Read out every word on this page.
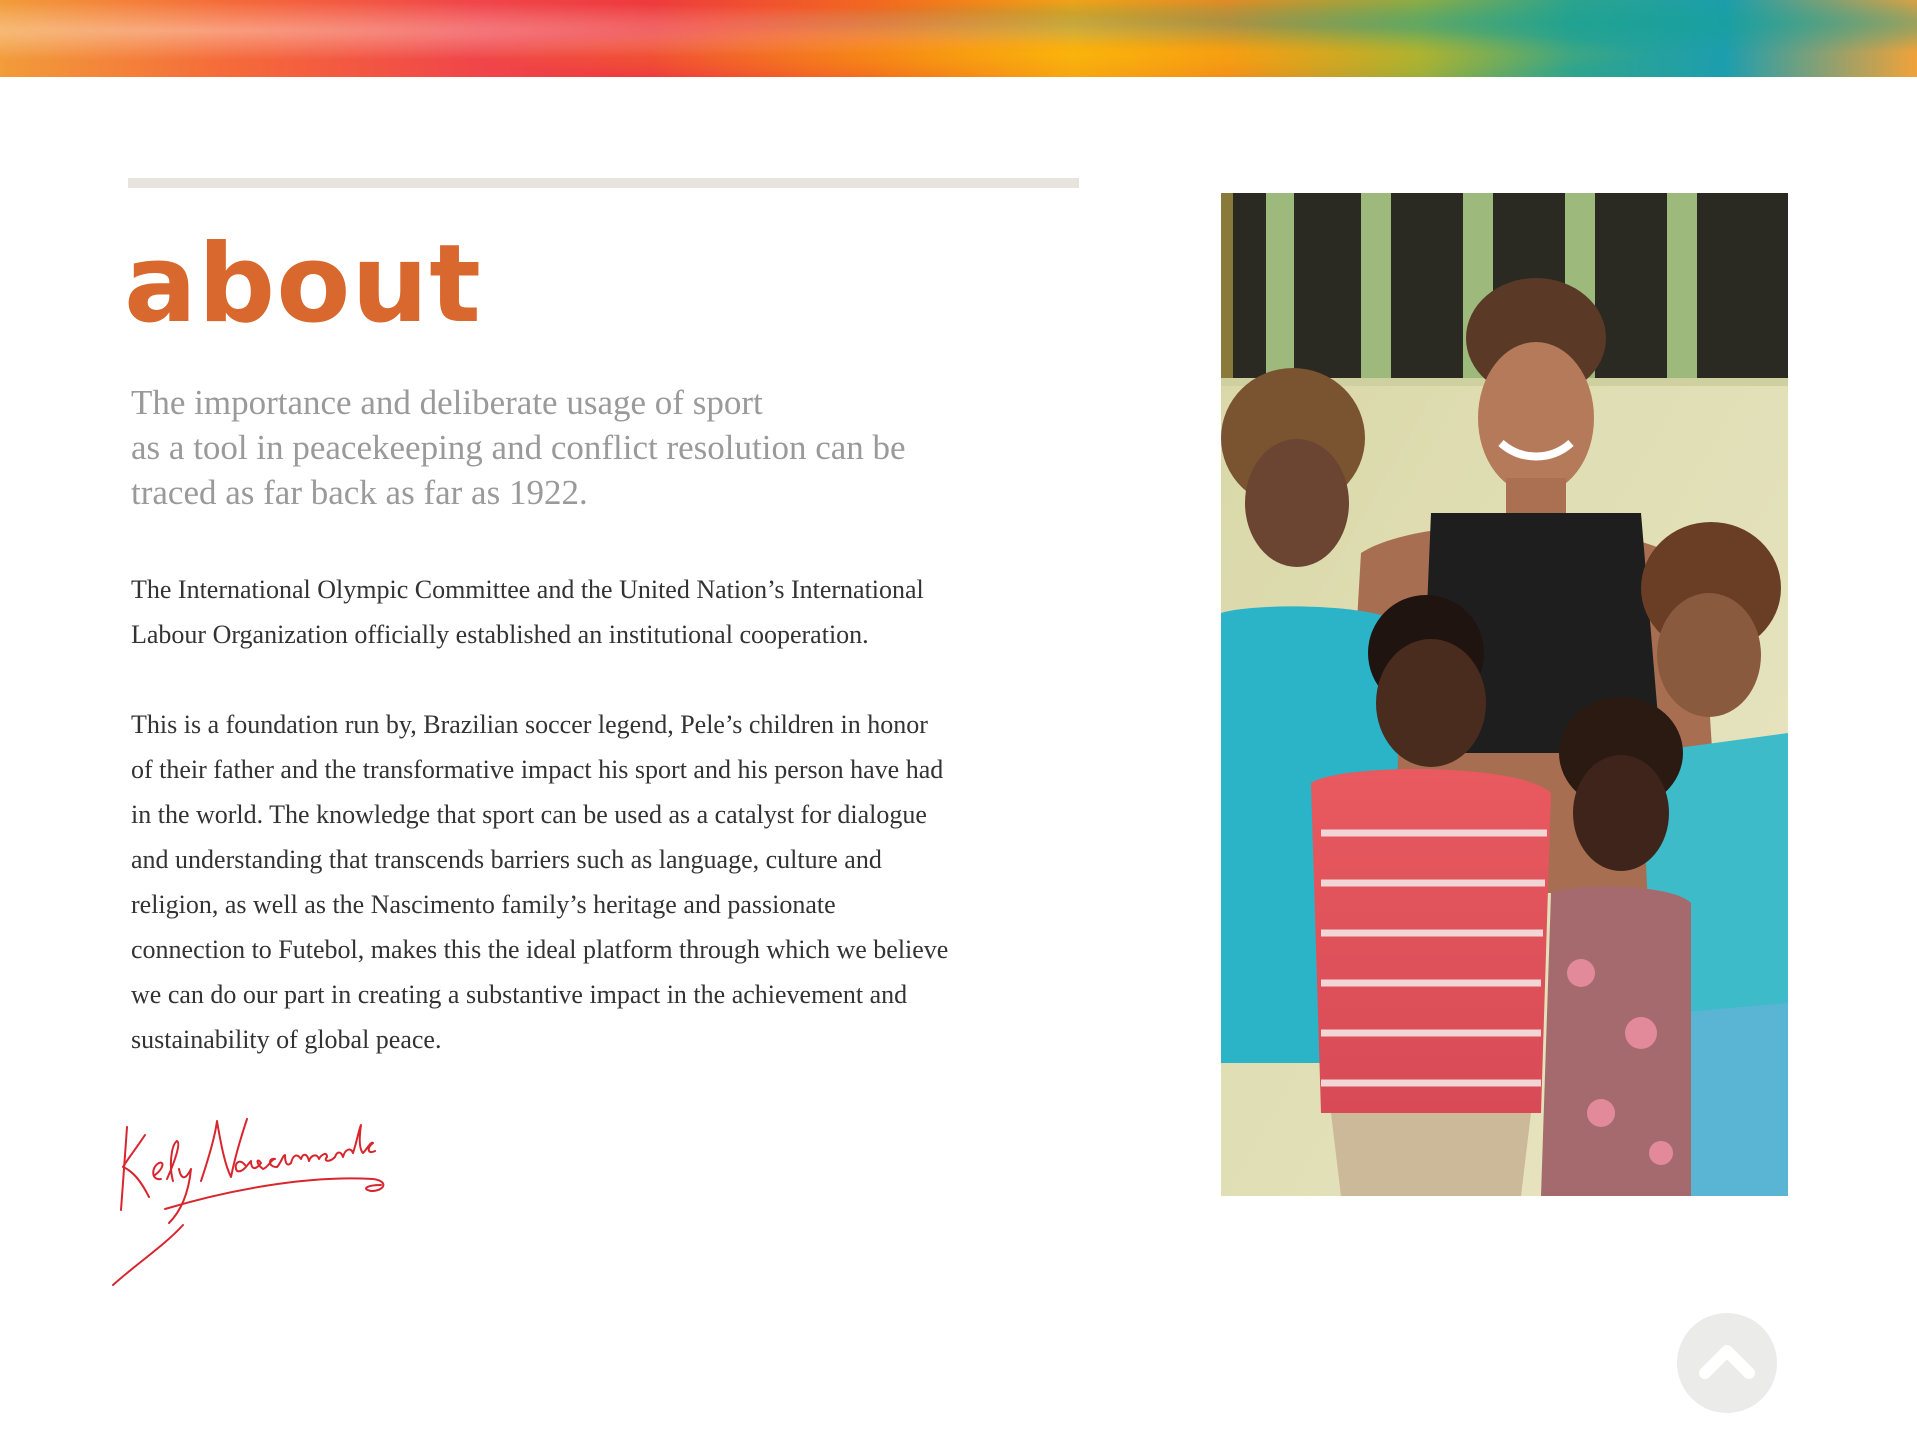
about
The importance and deliberate usage of sport
as a tool in peacekeeping and conflict resolution can be
traced as far back as far as 1922.
The International Olympic Committee and the United Nation’s International
Labour Organization officially established an institutional cooperation.
This is a foundation run by, Brazilian soccer legend, Pele’s children in honor
of their father and the transformative impact his sport and his person have had
in the world. The knowledge that sport can be used as a catalyst for dialogue
and understanding that transcends barriers such as language, culture and
religion, as well as the Nascimento family’s heritage and passionate
connection to Futebol, makes this the ideal platform through which we believe
we can do our part in creating a substantive impact in the achievement and
sustainability of global peace.
